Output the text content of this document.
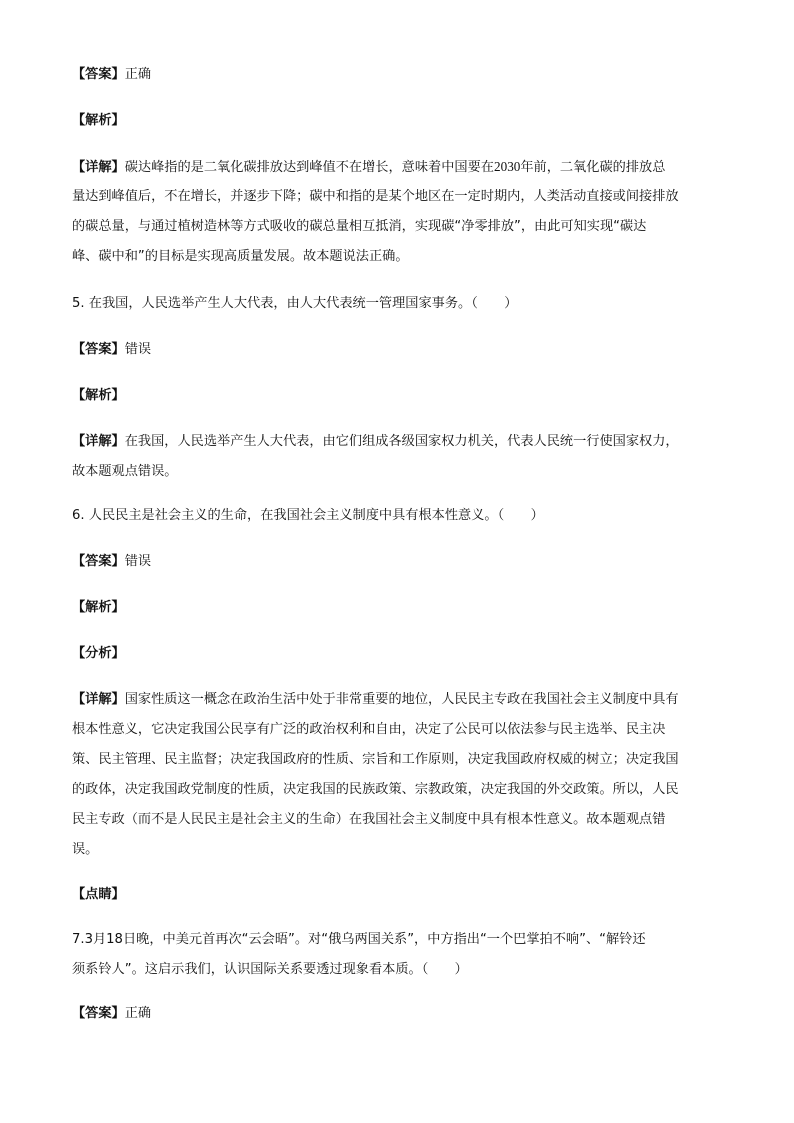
【答案】正确
【解析】
【详解】碳达峰指的是二氧化碳排放达到峰值不在增长，意味着中国要在2030年前，二氧化碳的排放总
量达到峰值后，不在增长，并逐步下降；碳中和指的是某个地区在一定时期内，人类活动直接或间接排放
的碳总量，与通过植树造林等方式吸收的碳总量相互抵消，实现碳“净零排放”，由此可知实现“碳达
峰、碳中和”的目标是实现高质量发展。故本题说法正确。
5. 在我国，人民选举产生人大代表，由人大代表统一管理国家事务。（　　）
【答案】错误
【解析】
【详解】在我国，人民选举产生人大代表，由它们组成各级国家权力机关，代表人民统一行使国家权力，
故本题观点错误。
6. 人民民主是社会主义的生命，在我国社会主义制度中具有根本性意义。（　　）
【答案】错误
【解析】
【分析】
【详解】国家性质这一概念在政治生活中处于非常重要的地位，人民民主专政在我国社会主义制度中具有
根本性意义，它决定我国公民享有广泛的政治权利和自由，决定了公民可以依法参与民主选举、民主决
策、民主管理、民主监督；决定我国政府的性质、宗旨和工作原则，决定我国政府权威的树立；决定我国
的政体，决定我国政党制度的性质，决定我国的民族政策、宗教政策，决定我国的外交政策。所以，人民
民主专政（而不是人民民主是社会主义的生命）在我国社会主义制度中具有根本性意义。故本题观点错
误。
【点睛】
7.3月18日晚，中美元首再次“云会晤”。对“俄乌两国关系”，中方指出“一个巴掌拍不响”、“解铃还
须系铃人”。这启示我们，认识国际关系要透过现象看本质。（　　）
【答案】正确
